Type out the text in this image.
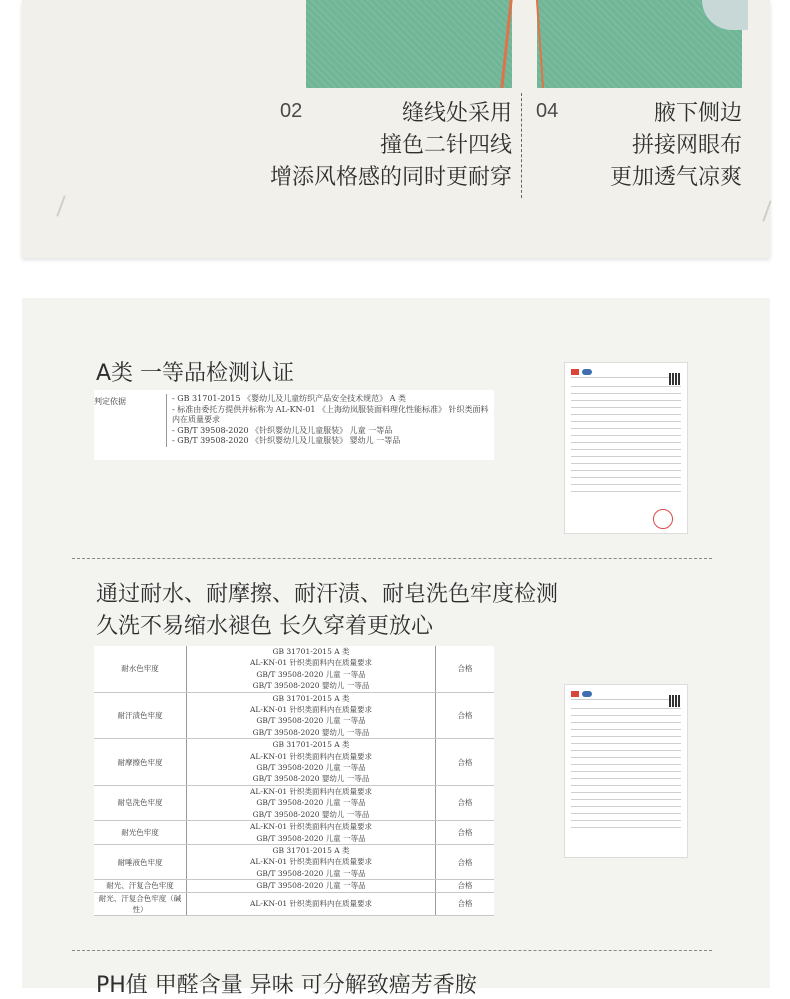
02	缝线处采用
撞色二针四线
增添风格感的同时更耐穿
04	腋下侧边
拼接网眼布
更加透气凉爽
A类 一等品检测认证
判定依据	- GB 31701-2015 《婴幼儿及儿童纺织产品安全技术规范》 A 类
- 标准由委托方提供并标称为 AL-KN-01 《上海幼岚服装面料理化性能标准》 针织类面料内在质量要求
- GB/T 39508-2020 《针织婴幼儿及儿童服装》 儿童 一等品
- GB/T 39508-2020 《针织婴幼儿及儿童服装》 婴幼儿 一等品
通过耐水、耐摩擦、耐汗渍、耐皂洗色牢度检测
久洗不易缩水褪色 长久穿着更放心
耐水色牢度	GB 31701-2015 A 类
AL-KN-01 针织类面料内在质量要求
GB/T 39508-2020 儿童 一等品
GB/T 39508-2020 婴幼儿 一等品	合格
耐汗渍色牢度	GB 31701-2015 A 类
AL-KN-01 针织类面料内在质量要求
GB/T 39508-2020 儿童 一等品
GB/T 39508-2020 婴幼儿 一等品	合格
耐摩擦色牢度	GB 31701-2015 A 类
AL-KN-01 针织类面料内在质量要求
GB/T 39508-2020 儿童 一等品
GB/T 39508-2020 婴幼儿 一等品	合格
耐皂洗色牢度	AL-KN-01 针织类面料内在质量要求
GB/T 39508-2020 儿童 一等品
GB/T 39508-2020 婴幼儿 一等品	合格
耐光色牢度	AL-KN-01 针织类面料内在质量要求
GB/T 39508-2020 儿童 一等品	合格
耐唾液色牢度	GB 31701-2015 A 类
AL-KN-01 针织类面料内在质量要求
GB/T 39508-2020 儿童 一等品	合格
耐光、汗复合色牢度	GB/T 39508-2020 儿童 一等品	合格
耐光、汗复合色牢度（碱性）	AL-KN-01 针织类面料内在质量要求	合格
PH值 甲醛含量 异味 可分解致癌芳香胺
